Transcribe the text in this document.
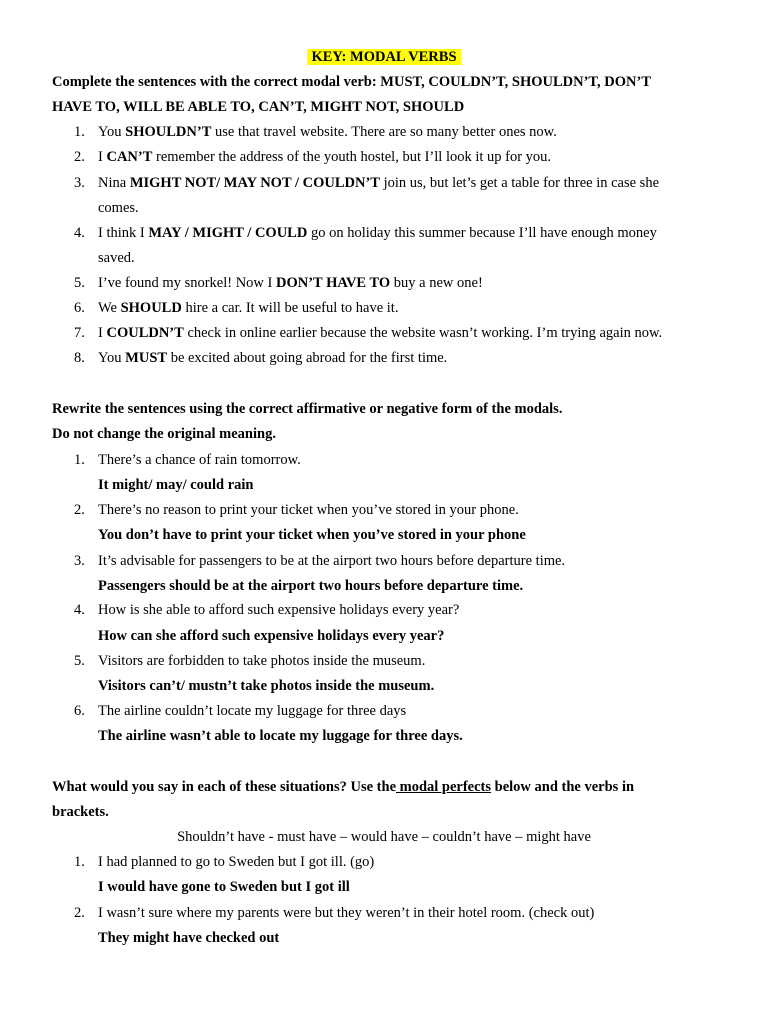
KEY: MODAL VERBS
Complete the sentences with the correct modal verb: MUST, COULDN’T, SHOULDN’T, DON’T
HAVE TO, WILL BE ABLE TO, CAN’T, MIGHT NOT, SHOULD
1. You SHOULDN’T use that travel website. There are so many better ones now.
2. I CAN’T remember the address of the youth hostel, but I’ll look it up for you.
3. Nina MIGHT NOT/ MAY NOT / COULDN’T join us, but let’s get a table for three in case she
comes.
4. I think I MAY / MIGHT / COULD go on holiday this summer because I’ll have enough money
saved.
5. I’ve found my snorkel! Now I DON’T HAVE TO buy a new one!
6. We SHOULD hire a car. It will be useful to have it.
7. I COULDN’T check in online earlier because the website wasn’t working. I’m trying again now.
8. You MUST be excited about going abroad for the first time.
Rewrite the sentences using the correct affirmative or negative form of the modals.
Do not change the original meaning.
1. There’s a chance of rain tomorrow.
It might/ may/ could rain
2. There’s no reason to print your ticket when you’ve stored in your phone.
You don’t have to print your ticket when you’ve stored in your phone
3. It’s advisable for passengers to be at the airport two hours before departure time.
Passengers should be at the airport two hours before departure time.
4. How is she able to afford such expensive holidays every year?
How can she afford such expensive holidays every year?
5. Visitors are forbidden to take photos inside the museum.
Visitors can’t/ mustn’t take photos inside the museum.
6. The airline couldn’t locate my luggage for three days
The airline wasn’t able to locate my luggage for three days.
What would you say in each of these situations? Use the modal perfects below and the verbs in
brackets.
Shouldn’t have - must have – would have – couldn’t have – might have
1. I had planned to go to Sweden but I got ill. (go)
I would have gone to Sweden but I got ill
2. I wasn’t sure where my parents were but they weren’t in their hotel room. (check out)
They might have checked out
